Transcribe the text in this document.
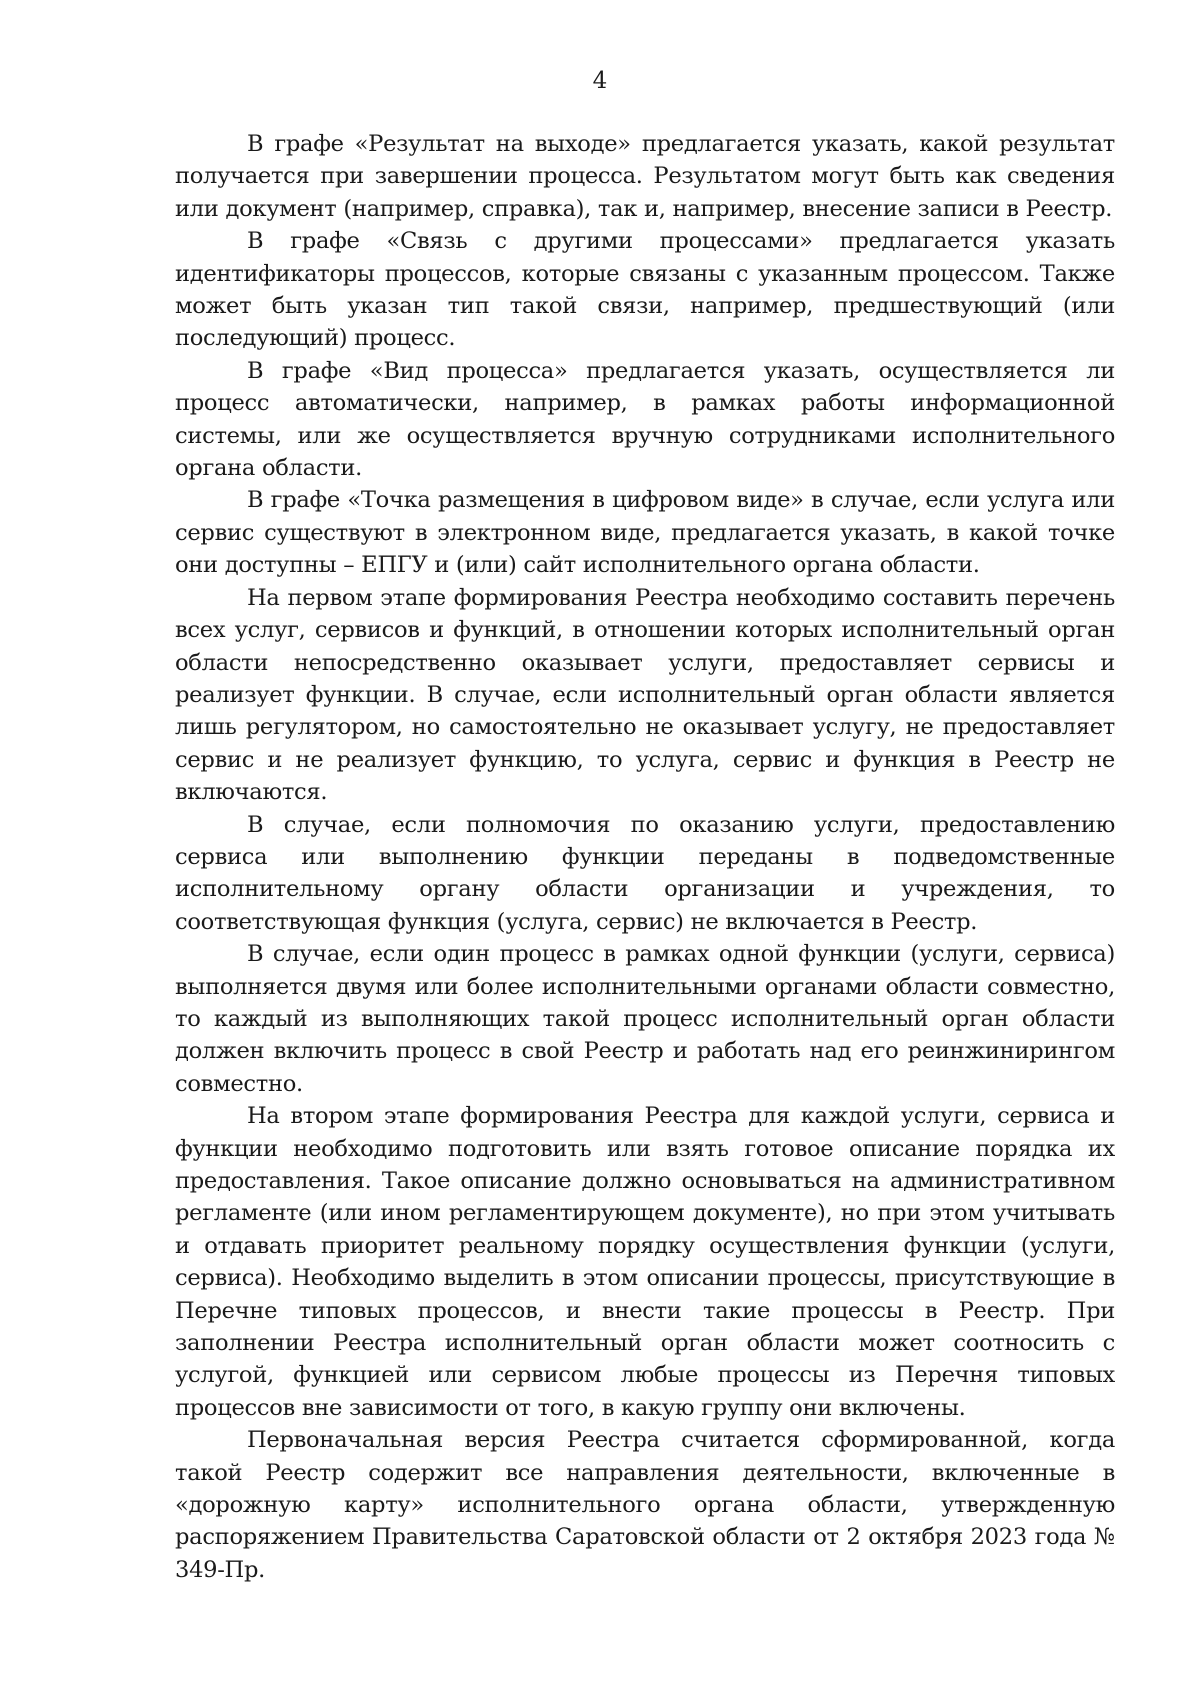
4

В графе «Результат на выходе» предлагается указать, какой результат получается при завершении процесса. Результатом могут быть как сведения или документ (например, справка), так и, например, внесение записи в Реестр.

В графе «Связь с другими процессами» предлагается указать идентификаторы процессов, которые связаны с указанным процессом. Также может быть указан тип такой связи, например, предшествующий (или последующий) процесс.

В графе «Вид процесса» предлагается указать, осуществляется ли процесс автоматически, например, в рамках работы информационной системы, или же осуществляется вручную сотрудниками исполнительного органа области.

В графе «Точка размещения в цифровом виде» в случае, если услуга или сервис существуют в электронном виде, предлагается указать, в какой точке они доступны – ЕПГУ и (или) сайт исполнительного органа области.

На первом этапе формирования Реестра необходимо составить перечень всех услуг, сервисов и функций, в отношении которых исполнительный орган области непосредственно оказывает услуги, предоставляет сервисы и реализует функции. В случае, если исполнительный орган области является лишь регулятором, но самостоятельно не оказывает услугу, не предоставляет сервис и не реализует функцию, то услуга, сервис и функция в Реестр не включаются.

В случае, если полномочия по оказанию услуги, предоставлению сервиса или выполнению функции переданы в подведомственные исполнительному органу области организации и учреждения, то соответствующая функция (услуга, сервис) не включается в Реестр.

В случае, если один процесс в рамках одной функции (услуги, сервиса) выполняется двумя или более исполнительными органами области совместно, то каждый из выполняющих такой процесс исполнительный орган области должен включить процесс в свой Реестр и работать над его реинжинирингом совместно.

На втором этапе формирования Реестра для каждой услуги, сервиса и функции необходимо подготовить или взять готовое описание порядка их предоставления. Такое описание должно основываться на административном регламенте (или ином регламентирующем документе), но при этом учитывать и отдавать приоритет реальному порядку осуществления функции (услуги, сервиса). Необходимо выделить в этом описании процессы, присутствующие в Перечне типовых процессов, и внести такие процессы в Реестр. При заполнении Реестра исполнительный орган области может соотносить с услугой, функцией или сервисом любые процессы из Перечня типовых процессов вне зависимости от того, в какую группу они включены.

Первоначальная версия Реестра считается сформированной, когда такой Реестр содержит все направления деятельности, включенные в «дорожную карту» исполнительного органа области, утвержденную распоряжением Правительства Саратовской области от 2 октября 2023 года № 349-Пр.
